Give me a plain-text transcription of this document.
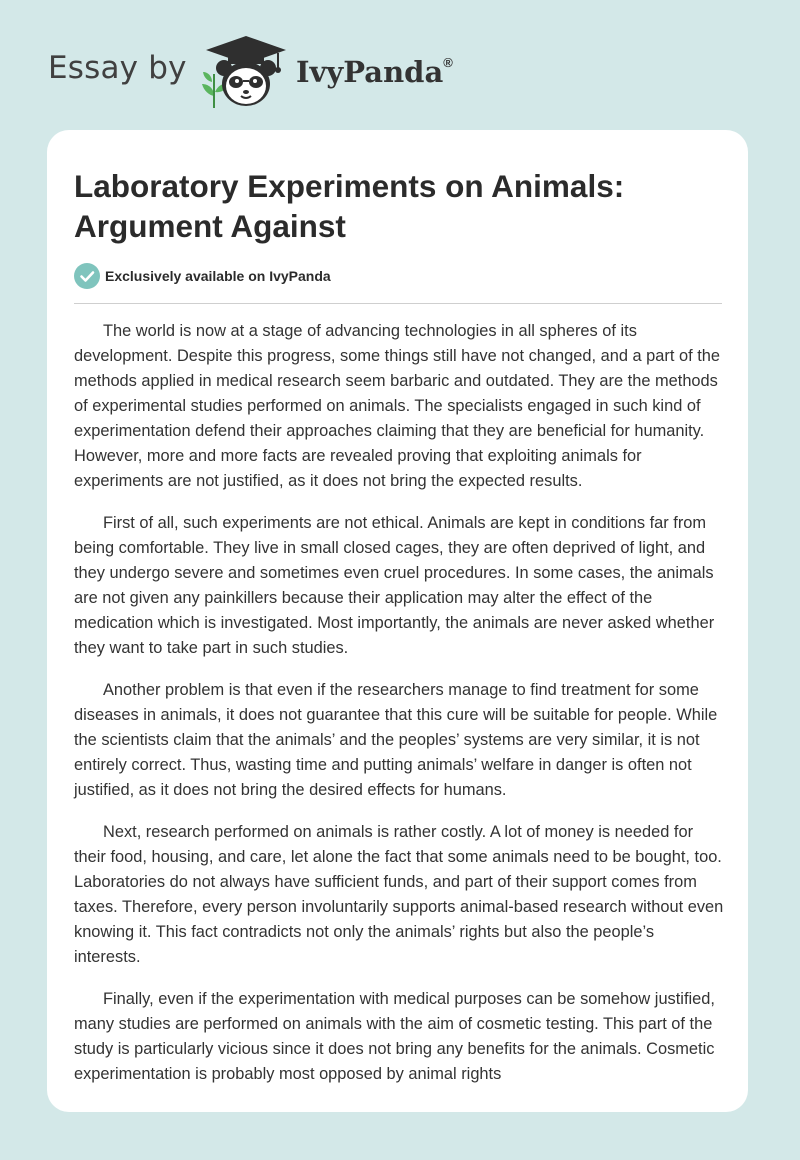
Essay by	IvyPanda®
Laboratory Experiments on Animals: Argument Against
Exclusively available on IvyPanda

The world is now at a stage of advancing technologies in all spheres of its development. Despite this progress, some things still have not changed, and a part of the methods applied in medical research seem barbaric and outdated. They are the methods of experimental studies performed on animals. The specialists engaged in such kind of experimentation defend their approaches claiming that they are beneficial for humanity. However, more and more facts are revealed proving that exploiting animals for experiments are not justified, as it does not bring the expected results.

First of all, such experiments are not ethical. Animals are kept in conditions far from being comfortable. They live in small closed cages, they are often deprived of light, and they undergo severe and sometimes even cruel procedures. In some cases, the animals are not given any painkillers because their application may alter the effect of the medication which is investigated. Most importantly, the animals are never asked whether they want to take part in such studies.

Another problem is that even if the researchers manage to find treatment for some diseases in animals, it does not guarantee that this cure will be suitable for people. While the scientists claim that the animals’ and the peoples’ systems are very similar, it is not entirely correct. Thus, wasting time and putting animals’ welfare in danger is often not justified, as it does not bring the desired effects for humans.

Next, research performed on animals is rather costly. A lot of money is needed for their food, housing, and care, let alone the fact that some animals need to be bought, too. Laboratories do not always have sufficient funds, and part of their support comes from taxes. Therefore, every person involuntarily supports animal-based research without even knowing it. This fact contradicts not only the animals’ rights but also the people’s interests.

Finally, even if the experimentation with medical purposes can be somehow justified, many studies are performed on animals with the aim of cosmetic testing. This part of the study is particularly vicious since it does not bring any benefits for the animals. Cosmetic experimentation is probably most opposed by animal rights
